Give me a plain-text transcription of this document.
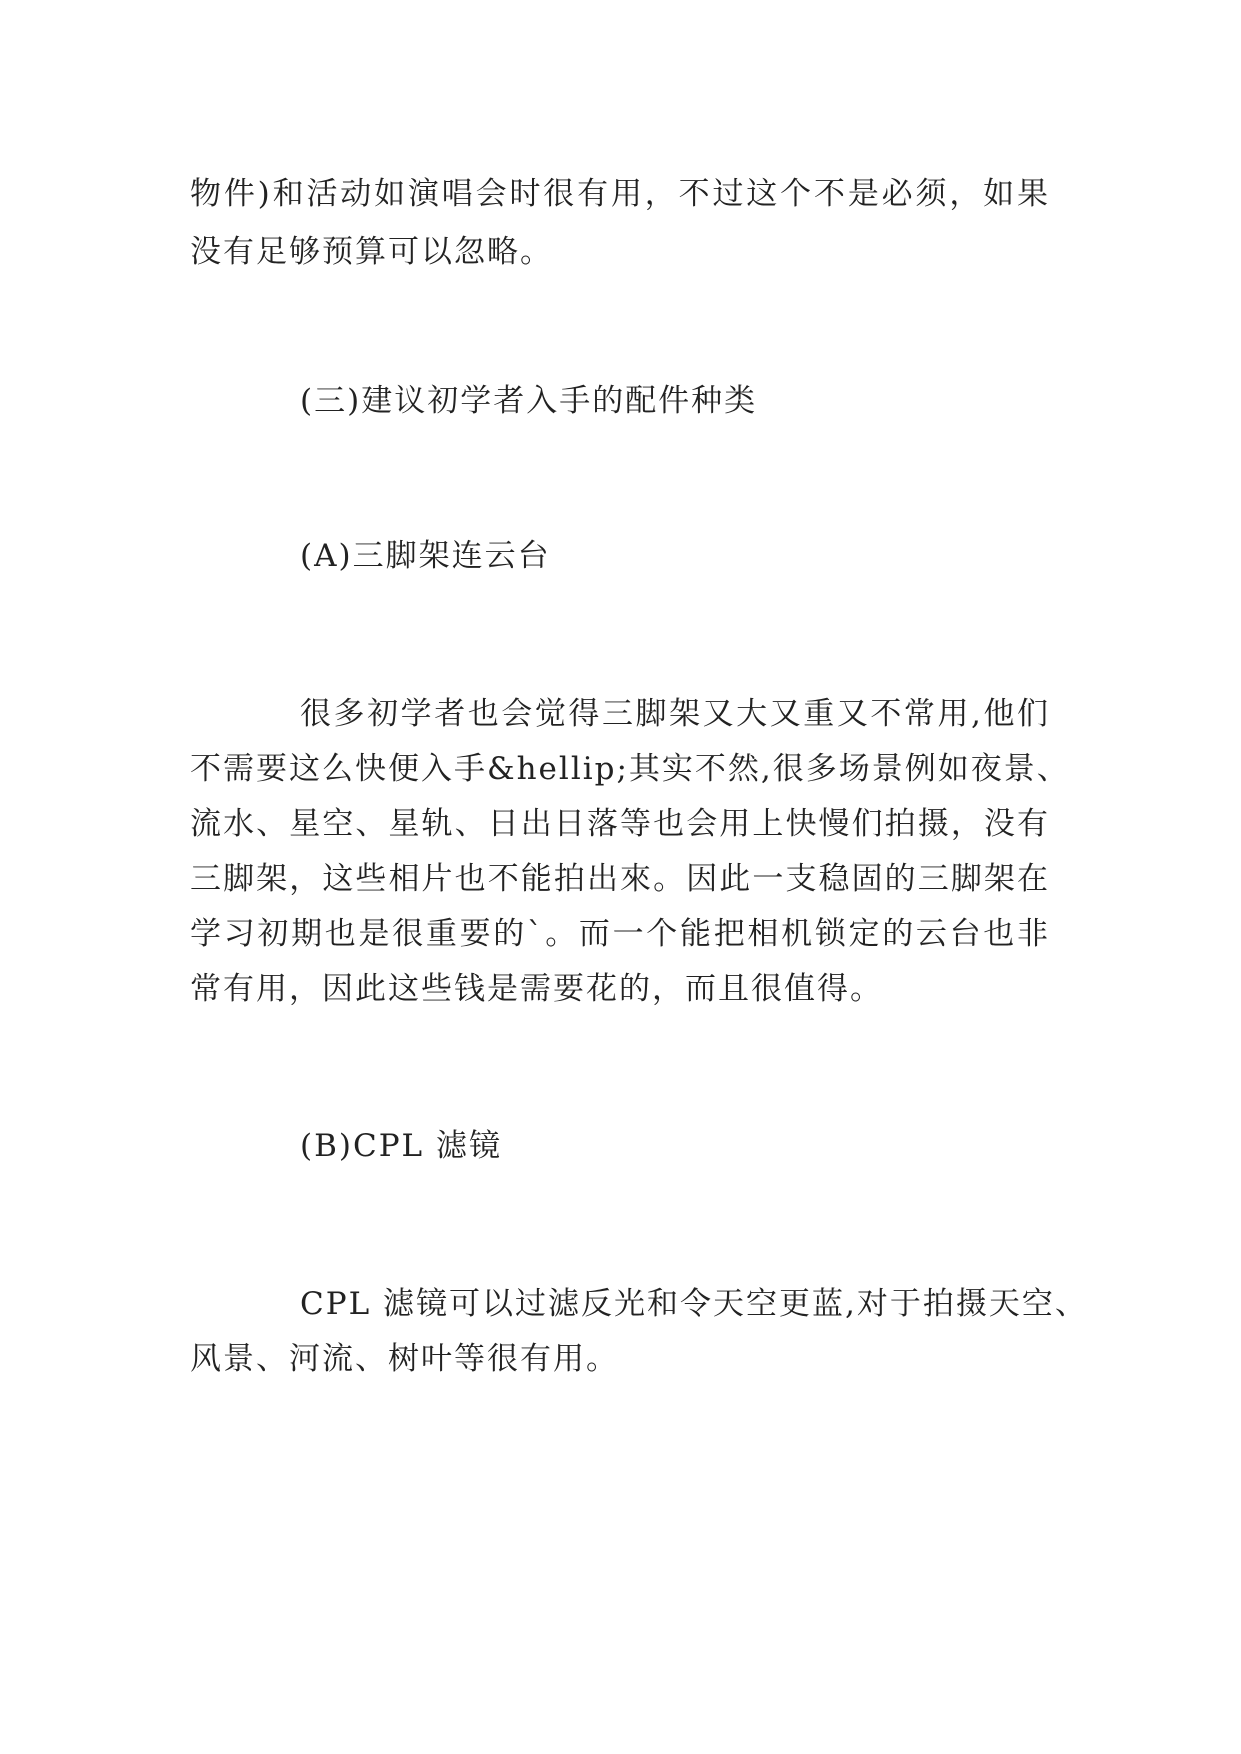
物件)和活动如演唱会时很有用，不过这个不是必须，如果
没有足够预算可以忽略。
(三)建议初学者入手的配件种类
(A)三脚架连云台
很多初学者也会觉得三脚架又大又重又不常用,他们
不需要这么快便入手&hellip;其实不然,很多场景例如夜景、
流水、星空、星轨、日出日落等也会用上快慢们拍摄，没有
三脚架，这些相片也不能拍出來。因此一支稳固的三脚架在
学习初期也是很重要的`。而一个能把相机锁定的云台也非
常有用，因此这些钱是需要花的，而且很值得。
(B)CPL 滤镜
CPL 滤镜可以过滤反光和令天空更蓝,对于拍摄天空、
风景、河流、树叶等很有用。
